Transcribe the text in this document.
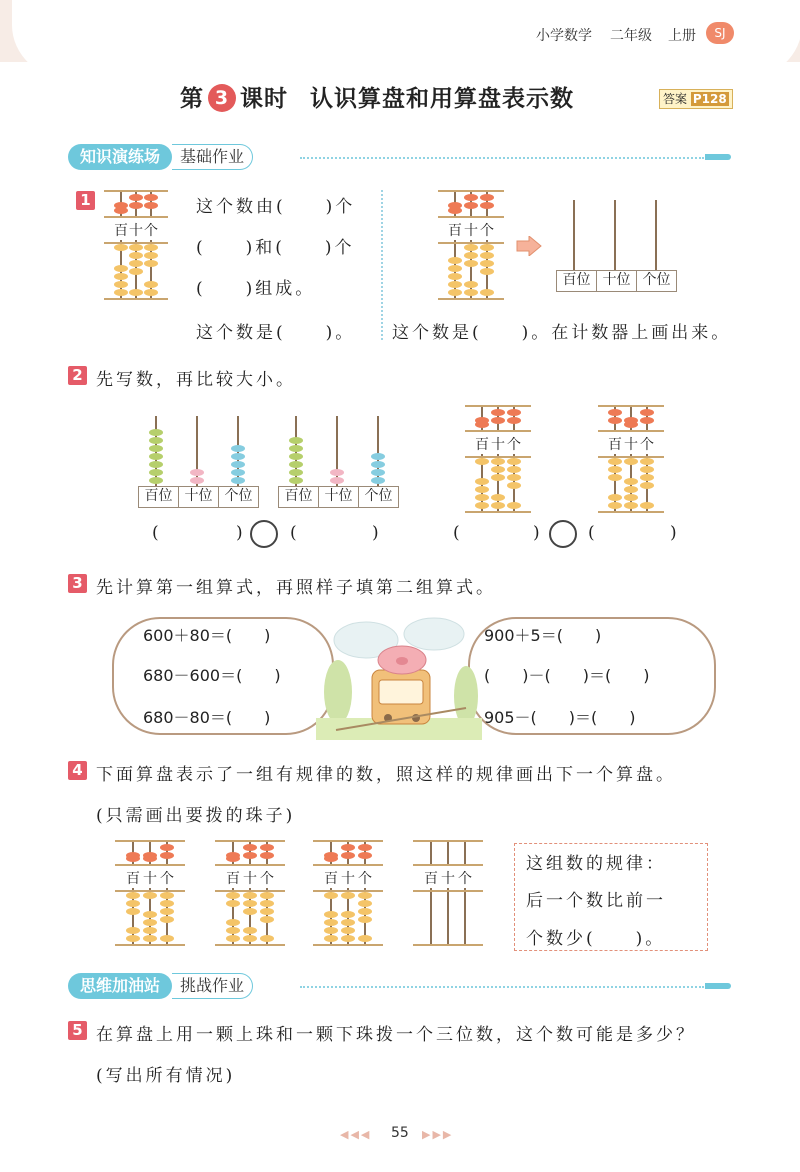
小学数学 二年级 上册	SJ
第 3 课时 认识算盘和用算盘表示数	答案 P128
知识演练场	基础作业
1
百 十 个
这个数由(　　)个
(　　)和(　　)个
(　　)组成。
这个数是(　　)。
百 十 个
百位 十位 个位
这个数是(　　)。在计数器上画出来。
2 先写数，再比较大小。
百位 十位 个位	百位 十位 个位
百 十 个	百 十 个
(	)	(	)	(	)	(	)
3 先计算第一组算式，再照样子填第二组算式。
600＋80＝(　　)
680－600＝(　　)
680－80＝(　　)
900＋5＝(　　)
(　　)－(　　)＝(　　)
905－(　　)＝(　　)
4 下面算盘表示了一组有规律的数，照这样的规律画出下一个算盘。
(只需画出要拨的珠子)
百 十 个	百 十 个	百 十 个	百 十 个
这组数的规律：
后一个数比前一
个数少(　　)。
思维加油站	挑战作业
5 在算盘上用一颗上珠和一颗下珠拨一个三位数，这个数可能是多少？
(写出所有情况)
◀◀◀ 55 ▶▶▶
